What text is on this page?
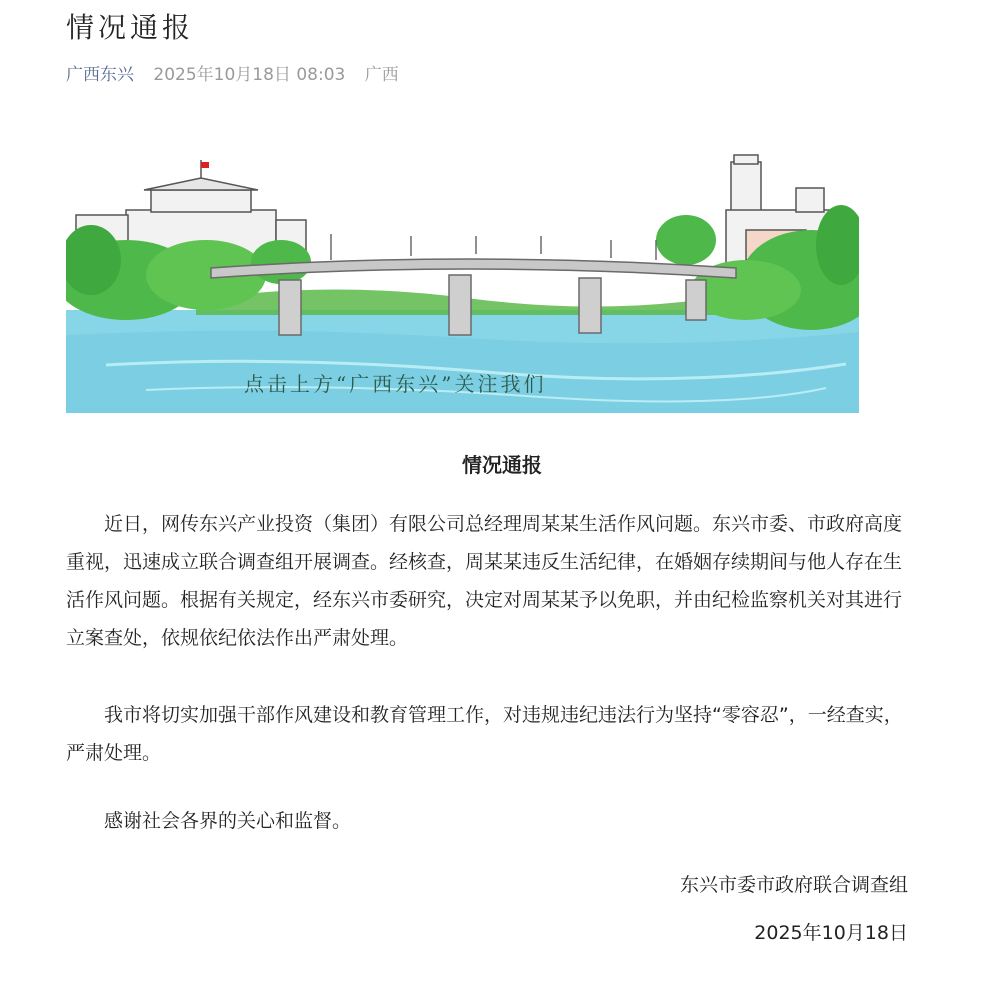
情况通报
广西东兴 2025年10月18日 08:03 广西
点击上方“广西东兴”关注我们
情况通报

近日，网传东兴产业投资（集团）有限公司总经理周某某生活作风问题。东兴市委、市政府高度重视，迅速成立联合调查组开展调查。经核查，周某某违反生活纪律，在婚姻存续期间与他人存在生活作风问题。根据有关规定，经东兴市委研究，决定对周某某予以免职，并由纪检监察机关对其进行立案查处，依规依纪依法作出严肃处理。

我市将切实加强干部作风建设和教育管理工作，对违规违纪违法行为坚持“零容忍”，一经查实，严肃处理。

感谢社会各界的关心和监督。

东兴市委市政府联合调查组
2025年10月18日
